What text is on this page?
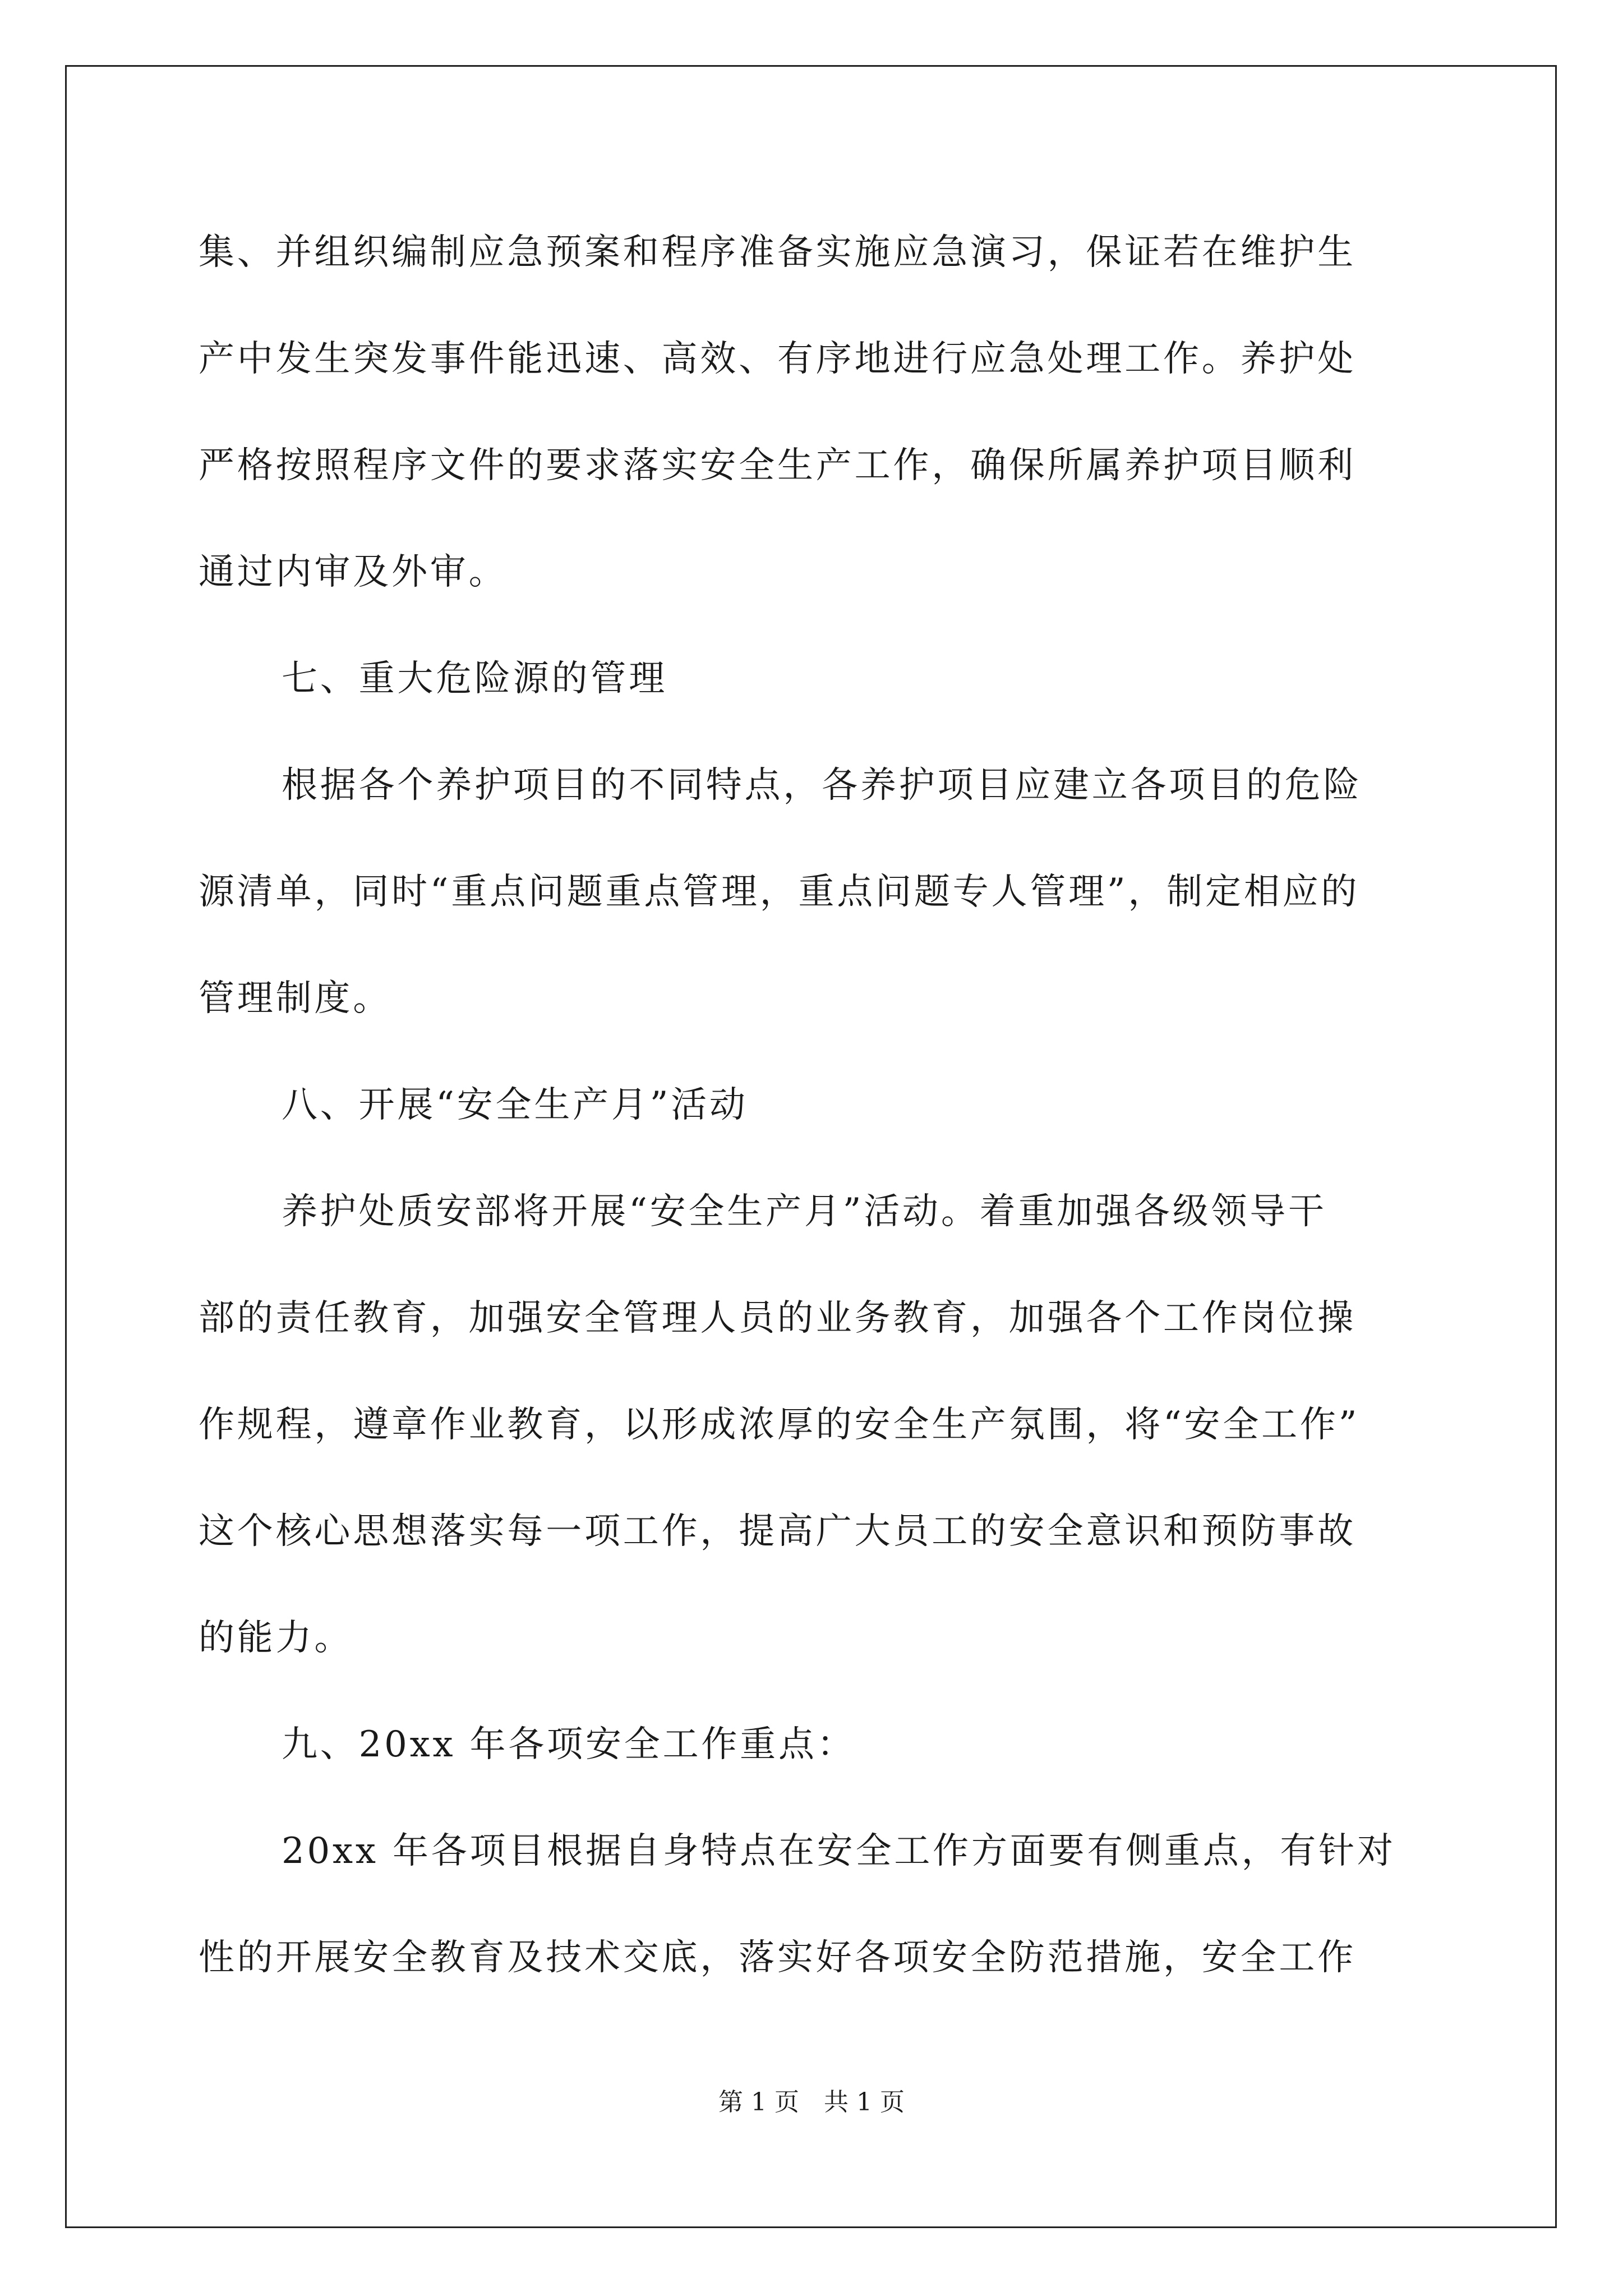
集、并组织编制应急预案和程序准备实施应急演习，保证若在维护生
产中发生突发事件能迅速、高效、有序地进行应急处理工作。养护处
严格按照程序文件的要求落实安全生产工作，确保所属养护项目顺利
通过内审及外审。
七、重大危险源的管理
根据各个养护项目的不同特点，各养护项目应建立各项目的危险
源清单，同时“重点问题重点管理，重点问题专人管理”，制定相应的
管理制度。
八、开展“安全生产月”活动
养护处质安部将开展“安全生产月”活动。着重加强各级领导干
部的责任教育，加强安全管理人员的业务教育，加强各个工作岗位操
作规程，遵章作业教育，以形成浓厚的安全生产氛围，将“安全工作”
这个核心思想落实每一项工作，提高广大员工的安全意识和预防事故
的能力。
九、20xx 年各项安全工作重点：
20xx 年各项目根据自身特点在安全工作方面要有侧重点，有针对
性的开展安全教育及技术交底，落实好各项安全防范措施，安全工作
第 1 页　共 1 页
